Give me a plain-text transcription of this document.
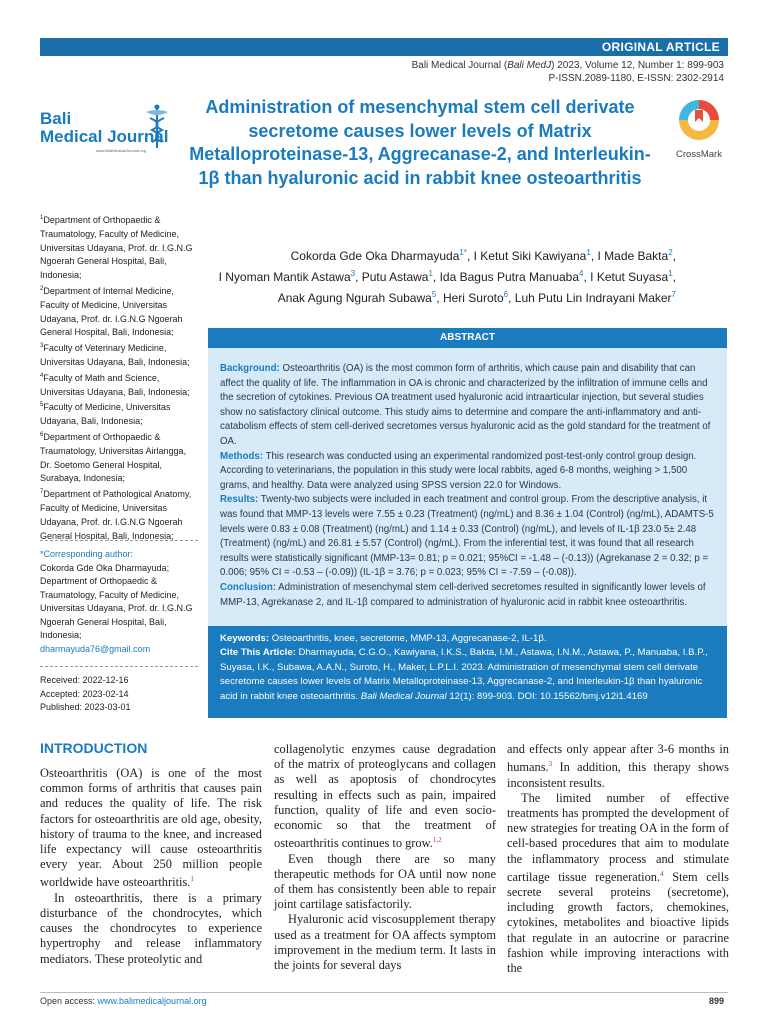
ORIGINAL ARTICLE
Bali Medical Journal (Bali MedJ) 2023, Volume 12, Number 1: 899-903
P-ISSN.2089-1180, E-ISSN: 2302-2914
Bali
Medical Journal
www.BaliMedicalJournal.org
Administration of mesenchymal stem cell derivate secretome causes lower levels of Matrix Metalloproteinase-13, Aggrecanase-2, and Interleukin-1β than hyaluronic acid in rabbit knee osteoarthritis
CrossMark
Cokorda Gde Oka Dharmayuda$^{1*}$, I Ketut Siki Kawiyana$^1$, I Made Bakta$^2$,
I Nyoman Mantik Astawa$^3$, Putu Astawa$^1$, Ida Bagus Putra Manuaba$^4$, I Ketut Suyasa$^1$,
Anak Agung Ngurah Subawa$^5$, Heri Suroto$^6$, Luh Putu Lin Indrayani Maker$^7$
$^1$Department of Orthopaedic & Traumatology, Faculty of Medicine, Universitas Udayana, Prof. dr. I.G.N.G Ngoerah General Hospital, Bali, Indonesia;
$^2$Department of Internal Medicine, Faculty of Medicine, Universitas Udayana, Prof. dr. I.G.N.G Ngoerah General Hospital, Bali, Indonesia;
$^3$Faculty of Veterinary Medicine, Universitas Udayana, Bali, Indonesia;
$^4$Faculty of Math and Science, Universitas Udayana, Bali, Indonesia;
$^5$Faculty of Medicine, Universitas Udayana, Bali, Indonesia;
$^6$Department of Orthopaedic & Traumatology, Universitas Airlangga, Dr. Soetomo General Hospital, Surabaya, Indonesia;
$^7$Department of Pathological Anatomy, Faculty of Medicine, Universitas Udayana, Prof. dr. I.G.N.G Ngoerah General Hospital, Bali, Indonesia;
*Corresponding author:
Cokorda Gde Oka Dharmayuda; Department of Orthopaedic & Traumatology, Faculty of Medicine, Universitas Udayana, Prof. dr. I.G.N.G Ngoerah General Hospital, Bali, Indonesia;
dharmayuda76@gmail.com
Received: 2022-12-16
Accepted: 2023-02-14
Published: 2023-03-01
ABSTRACT
Background: Osteoarthritis (OA) is the most common form of arthritis, which cause pain and disability that can affect the quality of life. The inflammation in OA is chronic and characterized by the infiltration of immune cells and the secretion of cytokines. Previous OA treatment used hyaluronic acid intraarticular injection, but several studies show no satisfactory clinical outcome. This study aims to determine and compare the anti-inflammatory and anti-catabolism effects of stem cell-derived secretomes versus hyaluronic acid as the gold standard for the treatment of OA.
Methods: This research was conducted using an experimental randomized post-test-only control group design. According to veterinarians, the population in this study were local rabbits, aged 6-8 months, weighing > 1,500 grams, and healthy. Data were analyzed using SPSS version 22.0 for Windows.
Results: Twenty-two subjects were included in each treatment and control group. From the descriptive analysis, it was found that MMP-13 levels were 7.55 ± 0.23 (Treatment) (ng/mL) and 8.36 ± 1.04 (Control) (ng/mL), ADAMTS-5 levels were 0.83 ± 0.08 (Treatment) (ng/mL) and 1.14 ± 0.33 (Control) (ng/mL), and levels of IL-1β 23.0 5± 2.48 (Treatment) (ng/mL) and 26.81 ± 5.57 (Control) (ng/mL). From the inferential test, it was found that all research results were statistically significant (MMP-13= 0.81; p = 0.021; 95%CI = -1.48 – (-0.13)) (Agrekanase 2 = 0.32; p = 0.006; 95% CI = -0.53 – (-0.09)) (IL-1β = 3.76; p = 0.023; 95% CI = -7.59 – (-0.08)).
Conclusion: Administration of mesenchymal stem cell-derived secretomes resulted in significantly lower levels of MMP-13, Agrekanase 2, and IL-1β compared to administration of hyaluronic acid in rabbit knee osteoarthritis.
Keywords: Osteoarthritis, knee, secretome, MMP-13, Aggrecanase-2, IL-1β.
Cite This Article: Dharmayuda, C.G.O., Kawiyana, I.K.S., Bakta, I.M., Astawa, I.N.M., Astawa, P., Manuaba, I.B.P., Suyasa, I.K., Subawa, A.A.N., Suroto, H., Maker, L.P.L.I. 2023. Administration of mesenchymal stem cell derivate secretome causes lower levels of Matrix Metalloproteinase-13, Aggrecanase-2, and Interleukin-1β than hyaluronic acid in rabbit knee osteoarthritis. Bali Medical Journal 12(1): 899-903. DOI: 10.15562/bmj.v12i1.4169
INTRODUCTION

Osteoarthritis (OA) is one of the most common forms of arthritis that causes pain and reduces the quality of life. The risk factors for osteoarthritis are old age, obesity, history of trauma to the knee, and increased life expectancy will cause osteoarthritis every year. About 250 million people worldwide have osteoarthritis.$^1$

In osteoarthritis, there is a primary disturbance of the chondrocytes, which causes the chondrocytes to experience hypertrophy and release inflammatory mediators. These proteolytic and

collagenolytic enzymes cause degradation of the matrix of proteoglycans and collagen as well as apoptosis of chondrocytes resulting in effects such as pain, impaired function, quality of life and even socio-economic so that the treatment of osteoarthritis continues to grow.$^{1,2}$

Even though there are so many therapeutic methods for OA until now none of them has consistently been able to repair joint cartilage satisfactorily.

Hyaluronic acid viscosupplement therapy used as a treatment for OA affects symptom improvement in the medium term. It lasts in the joints for several days

and effects only appear after 3-6 months in humans.$^3$ In addition, this therapy shows inconsistent results.

The limited number of effective treatments has prompted the development of new strategies for treating OA in the form of cell-based procedures that aim to modulate the inflammatory process and stimulate cartilage tissue regeneration.$^4$ Stem cells secrete several proteins (secretome), including growth factors, chemokines, cytokines, metabolites and bioactive lipids that regulate in an autocrine or paracrine fashion while improving interactions with the

Open access: www.balimedicaljournal.org	899
